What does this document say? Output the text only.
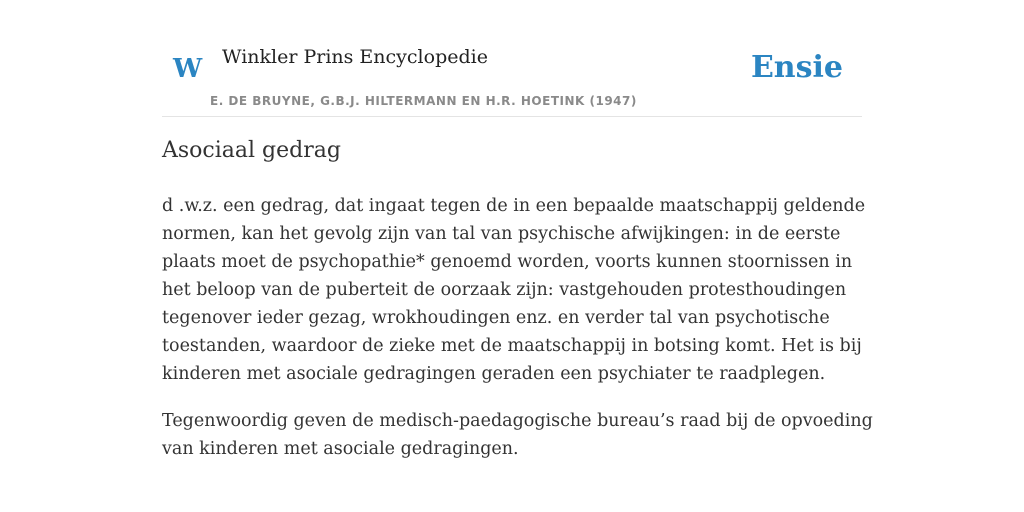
W Winkler Prins Encyclopedie
E. DE BRUYNE, G.B.J. HILTERMANN EN H.R. HOETINK (1947)
Ensie
Asociaal gedrag

d .w.z. een gedrag, dat ingaat tegen de in een bepaalde maatschappij geldende normen, kan het gevolg zijn van tal van psychische afwijkingen: in de eerste plaats moet de psychopathie* genoemd worden, voorts kunnen stoornissen in het beloop van de puberteit de oorzaak zijn: vastgehouden protesthoudingen tegenover ieder gezag, wrokhoudingen enz. en verder tal van psychotische toestanden, waardoor de zieke met de maatschappij in botsing komt. Het is bij kinderen met asociale gedragingen geraden een psychiater te raadplegen.

Tegenwoordig geven de medisch-paedagogische bureau’s raad bij de opvoeding van kinderen met asociale gedragingen.
